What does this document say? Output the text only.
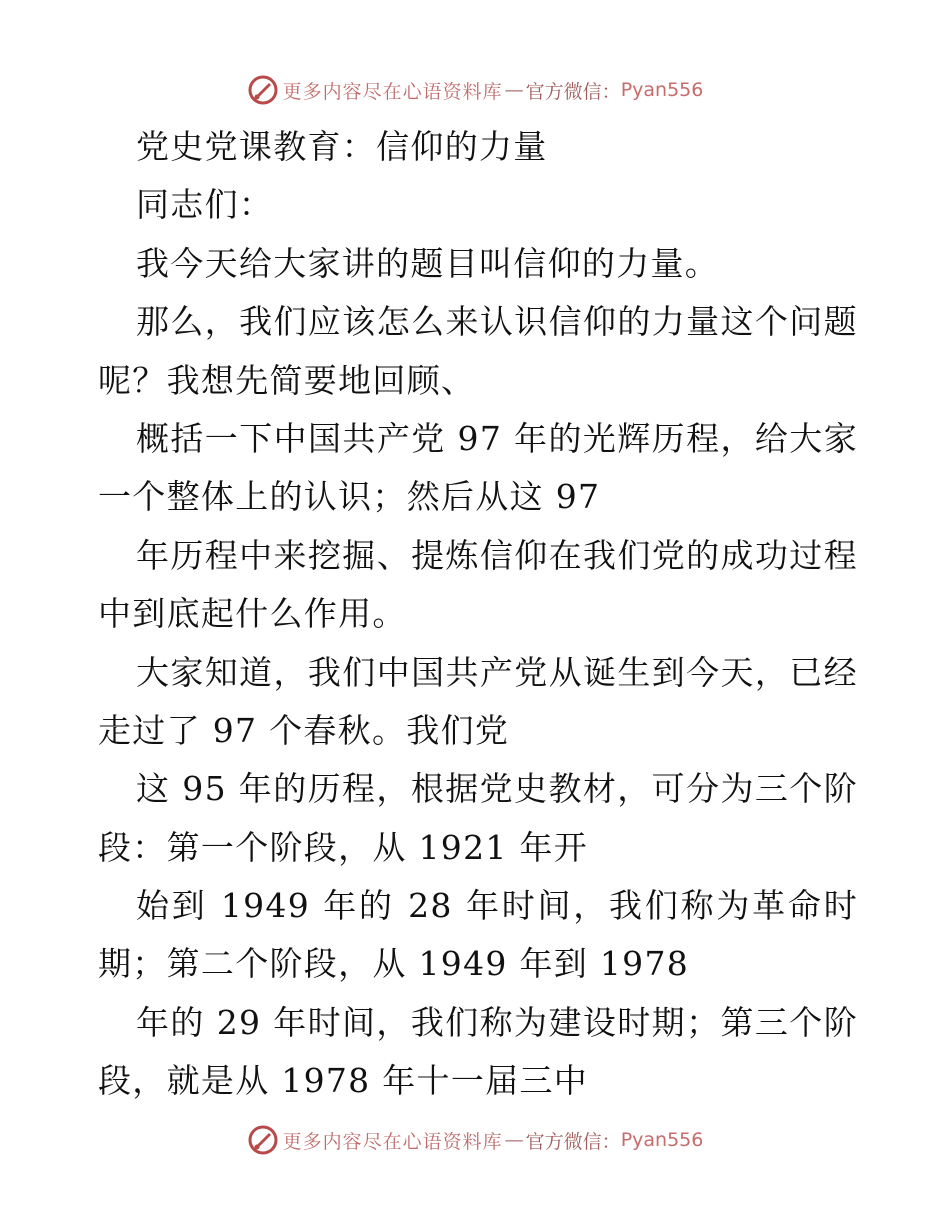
更多内容尽在心语资料库 — 官方微信： Pyan556
党史党课教育：信仰的力量
同志们：
我今天给大家讲的题目叫信仰的力量。
那么，我们应该怎么来认识信仰的力量这个问题
呢？我想先简要地回顾、
概括一下中国共产党 97 年的光辉历程，给大家
一个整体上的认识；然后从这 97
年历程中来挖掘、提炼信仰在我们党的成功过程
中到底起什么作用。
大家知道，我们中国共产党从诞生到今天，已经
走过了 97 个春秋。我们党
这 95 年的历程，根据党史教材，可分为三个阶
段：第一个阶段，从 1921 年开
始到 1949 年的 28 年时间，我们称为革命时
期；第二个阶段，从 1949 年到 1978
年的 29 年时间，我们称为建设时期；第三个阶
段，就是从 1978 年十一届三中
更多内容尽在心语资料库 — 官方微信： Pyan556
